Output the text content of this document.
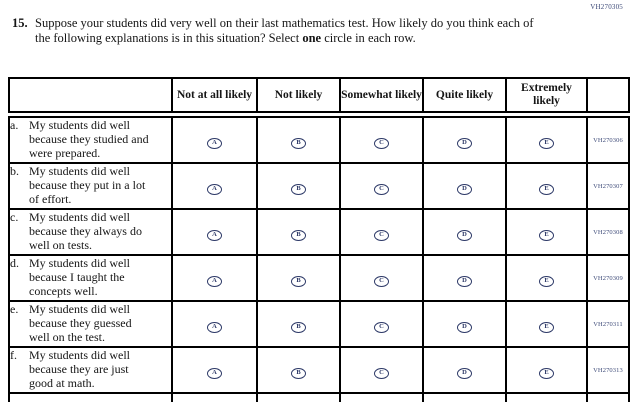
VH270305
15. Suppose your students did very well on their last mathematics test. How likely do you think each of the following explanations is in this situation? Select one circle in each row.
	Not at all likely	Not likely	Somewhat likely	Quite likely	Extremely likely	
a. My students did well because they studied and were prepared.	A	B	C	D	E	VH270306

b. My students did well because they put in a lot of effort.	A	B	C	D	E	VH270307

c. My students did well because they always do well on tests.	A	B	C	D	E	VH270308

d. My students did well because I taught the concepts well.	A	B	C	D	E	VH270309

e. My students did well because they guessed well on the test.	A	B	C	D	E	VH270311

f. My students did well because they are just good at math.	A	B	C	D	E	VH270313
